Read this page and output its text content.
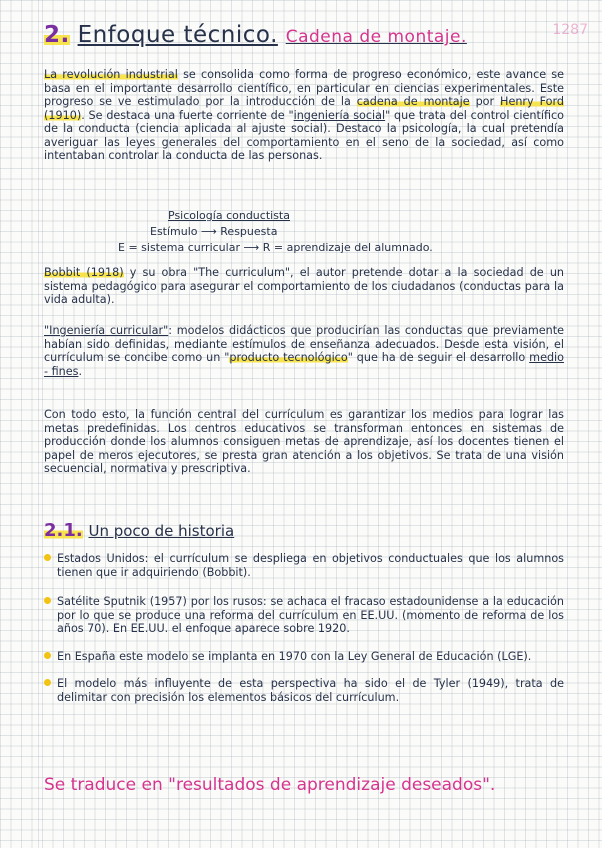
1287
2. Enfoque técnico. Cadena de montaje.
La revolución industrial se consolida como forma de progreso económico, este avance se basa en el importante desarrollo científico, en particular en ciencias experimentales. Este progreso se ve estimulado por la introducción de la cadena de montaje por Henry Ford (1910). Se destaca una fuerte corriente de "ingeniería social" que trata del control científico de la conducta (ciencia aplicada al ajuste social). Destaco la psicología, la cual pretendía averiguar las leyes generales del comportamiento en el seno de la sociedad, así como intentaban controlar la conducta de las personas.
Psicología conductista
Estímulo ⟶ Respuesta
E = sistema curricular ⟶ R = aprendizaje del alumnado.
Bobbit (1918) y su obra "The curriculum", el autor pretende dotar a la sociedad de un sistema pedagógico para asegurar el comportamiento de los ciudadanos (conductas para la vida adulta).
"Ingeniería curricular": modelos didácticos que producirían las conductas que previamente habían sido definidas, mediante estímulos de enseñanza adecuados. Desde esta visión, el currículum se concibe como un "producto tecnológico" que ha de seguir el desarrollo medio - fines.
Con todo esto, la función central del currículum es garantizar los medios para lograr las metas predefinidas. Los centros educativos se transforman entonces en sistemas de producción donde los alumnos consiguen metas de aprendizaje, así los docentes tienen el papel de meros ejecutores, se presta gran atención a los objetivos. Se trata de una visión secuencial, normativa y prescriptiva.
2.1. Un poco de historia
Estados Unidos: el currículum se despliega en objetivos conductuales que los alumnos tienen que ir adquiriendo (Bobbit).
Satélite Sputnik (1957) por los rusos: se achaca el fracaso estadounidense a la educación por lo que se produce una reforma del currículum en EE.UU. (momento de reforma de los años 70). En EE.UU. el enfoque aparece sobre 1920.
En España este modelo se implanta en 1970 con la Ley General de Educación (LGE).
El modelo más influyente de esta perspectiva ha sido el de Tyler (1949), trata de delimitar con precisión los elementos básicos del currículum.
Se traduce en "resultados de aprendizaje deseados".
